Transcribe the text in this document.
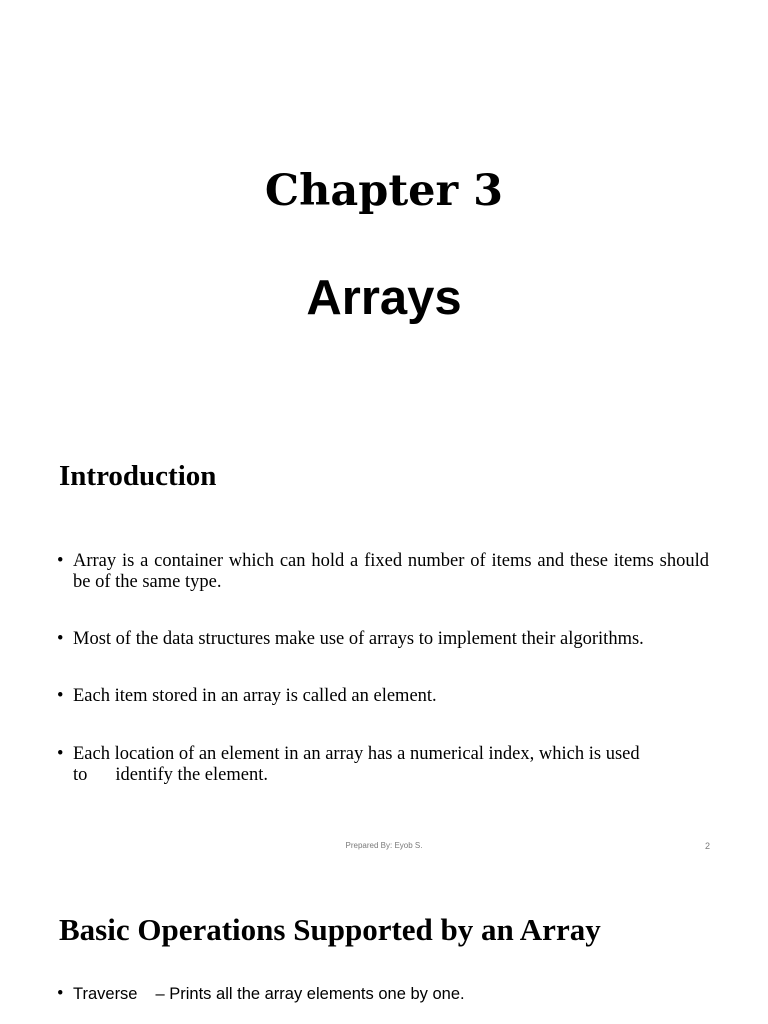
Chapter 3
Arrays
Introduction
• Array is a container which can hold a fixed number of items and these items should be of the same type.
• Most of the data structures make use of arrays to implement their algorithms.
• Each item stored in an array is called an element.
• Each location of an element in an array has a numerical index, which is used
to identify the element.
Prepared By: Eyob S.	2
Basic Operations Supported by an Array
• Traverse – Prints all the array elements one by one.
